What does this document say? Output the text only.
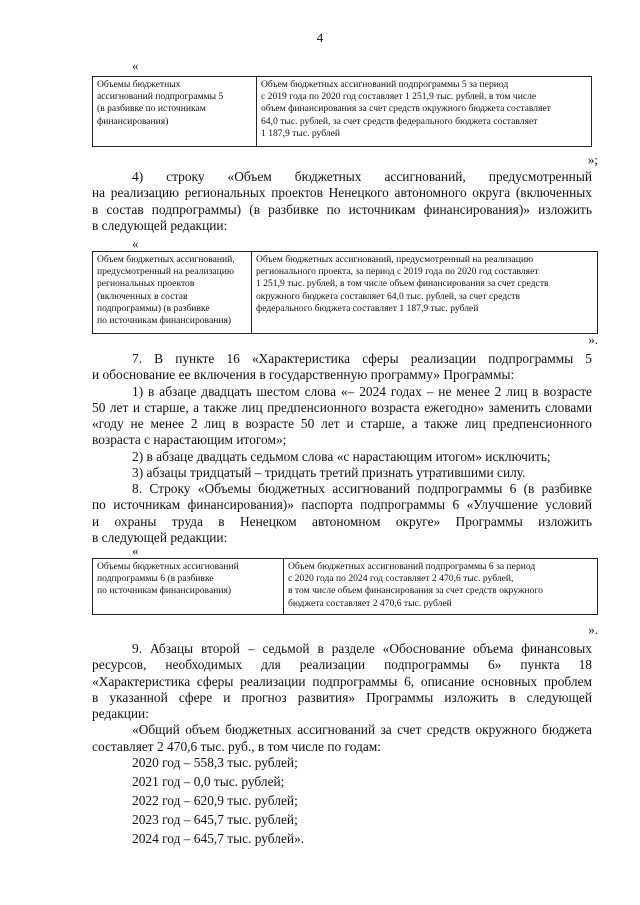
4
«
Объемы бюджетных
ассигнований подпрограммы 5
(в разбивке по источникам
финансирования)

Объем бюджетных ассигнований подпрограммы 5 за период
с 2019 года по 2020 год составляет 1 251,9 тыс. рублей, в том числе
объем финансирования за счет средств окружного бюджета составляет
64,0 тыс. рублей, за счет средств федерального бюджета составляет
1 187,9 тыс. рублей
»;
4) строку «Объем бюджетных ассигнований, предусмотренный
на реализацию региональных проектов Ненецкого автономного округа (включенных
в состав подпрограммы) (в разбивке по источникам финансирования)» изложить
в следующей редакции:
«
Объем бюджетных ассигнований,
предусмотренный на реализацию
региональных проектов
(включенных в состав
подпрограммы) (в разбивке
по источникам финансирования)

Объем бюджетных ассигнований, предусмотренный на реализацию
регионального проекта, за период с 2019 года по 2020 год составляет
1 251,9 тыс. рублей, в том числе объем финансирования за счет средств
окружного бюджета составляет 64,0 тыс. рублей, за счет средств
федерального бюджета составляет 1 187,9 тыс. рублей
».
7. В пункте 16 «Характеристика сферы реализации подпрограммы 5
и обоснование ее включения в государственную программу» Программы:
1) в абзаце двадцать шестом слова «– 2024 годах – не менее 2 лиц в возрасте
50 лет и старше, а также лиц предпенсионного возраста ежегодно» заменить словами
«году не менее 2 лиц в возрасте 50 лет и старше, а также лиц предпенсионного
возраста с нарастающим итогом»;
2) в абзаце двадцать седьмом слова «с нарастающим итогом» исключить;
3) абзацы тридцатый – тридцать третий признать утратившими силу.
8. Строку «Объемы бюджетных ассигнований подпрограммы 6 (в разбивке
по источникам финансирования)» паспорта подпрограммы 6 «Улучшение условий
и охраны труда в Ненецком автономном округе» Программы изложить
в следующей редакции:
«
Объемы бюджетных ассигнований
подпрограммы 6 (в разбивке
по источникам финансирования)

Объем бюджетных ассигнований подпрограммы 6 за период
с 2020 года по 2024 год составляет 2 470,6 тыс. рублей,
в том числе объем финансирования за счет средств окружного
бюджета составляет 2 470,6 тыс. рублей
».
9. Абзацы второй – седьмой в разделе «Обоснование объема финансовых
ресурсов, необходимых для реализации подпрограммы 6» пункта 18
«Характеристика сферы реализации подпрограммы 6, описание основных проблем
в указанной сфере и прогноз развития» Программы изложить в следующей
редакции:
«Общий объем бюджетных ассигнований за счет средств окружного бюджета
составляет 2 470,6 тыс. руб., в том числе по годам:
2020 год – 558,3 тыс. рублей;
2021 год – 0,0 тыс. рублей;
2022 год – 620,9 тыс. рублей;
2023 год – 645,7 тыс. рублей;
2024 год – 645,7 тыс. рублей».
